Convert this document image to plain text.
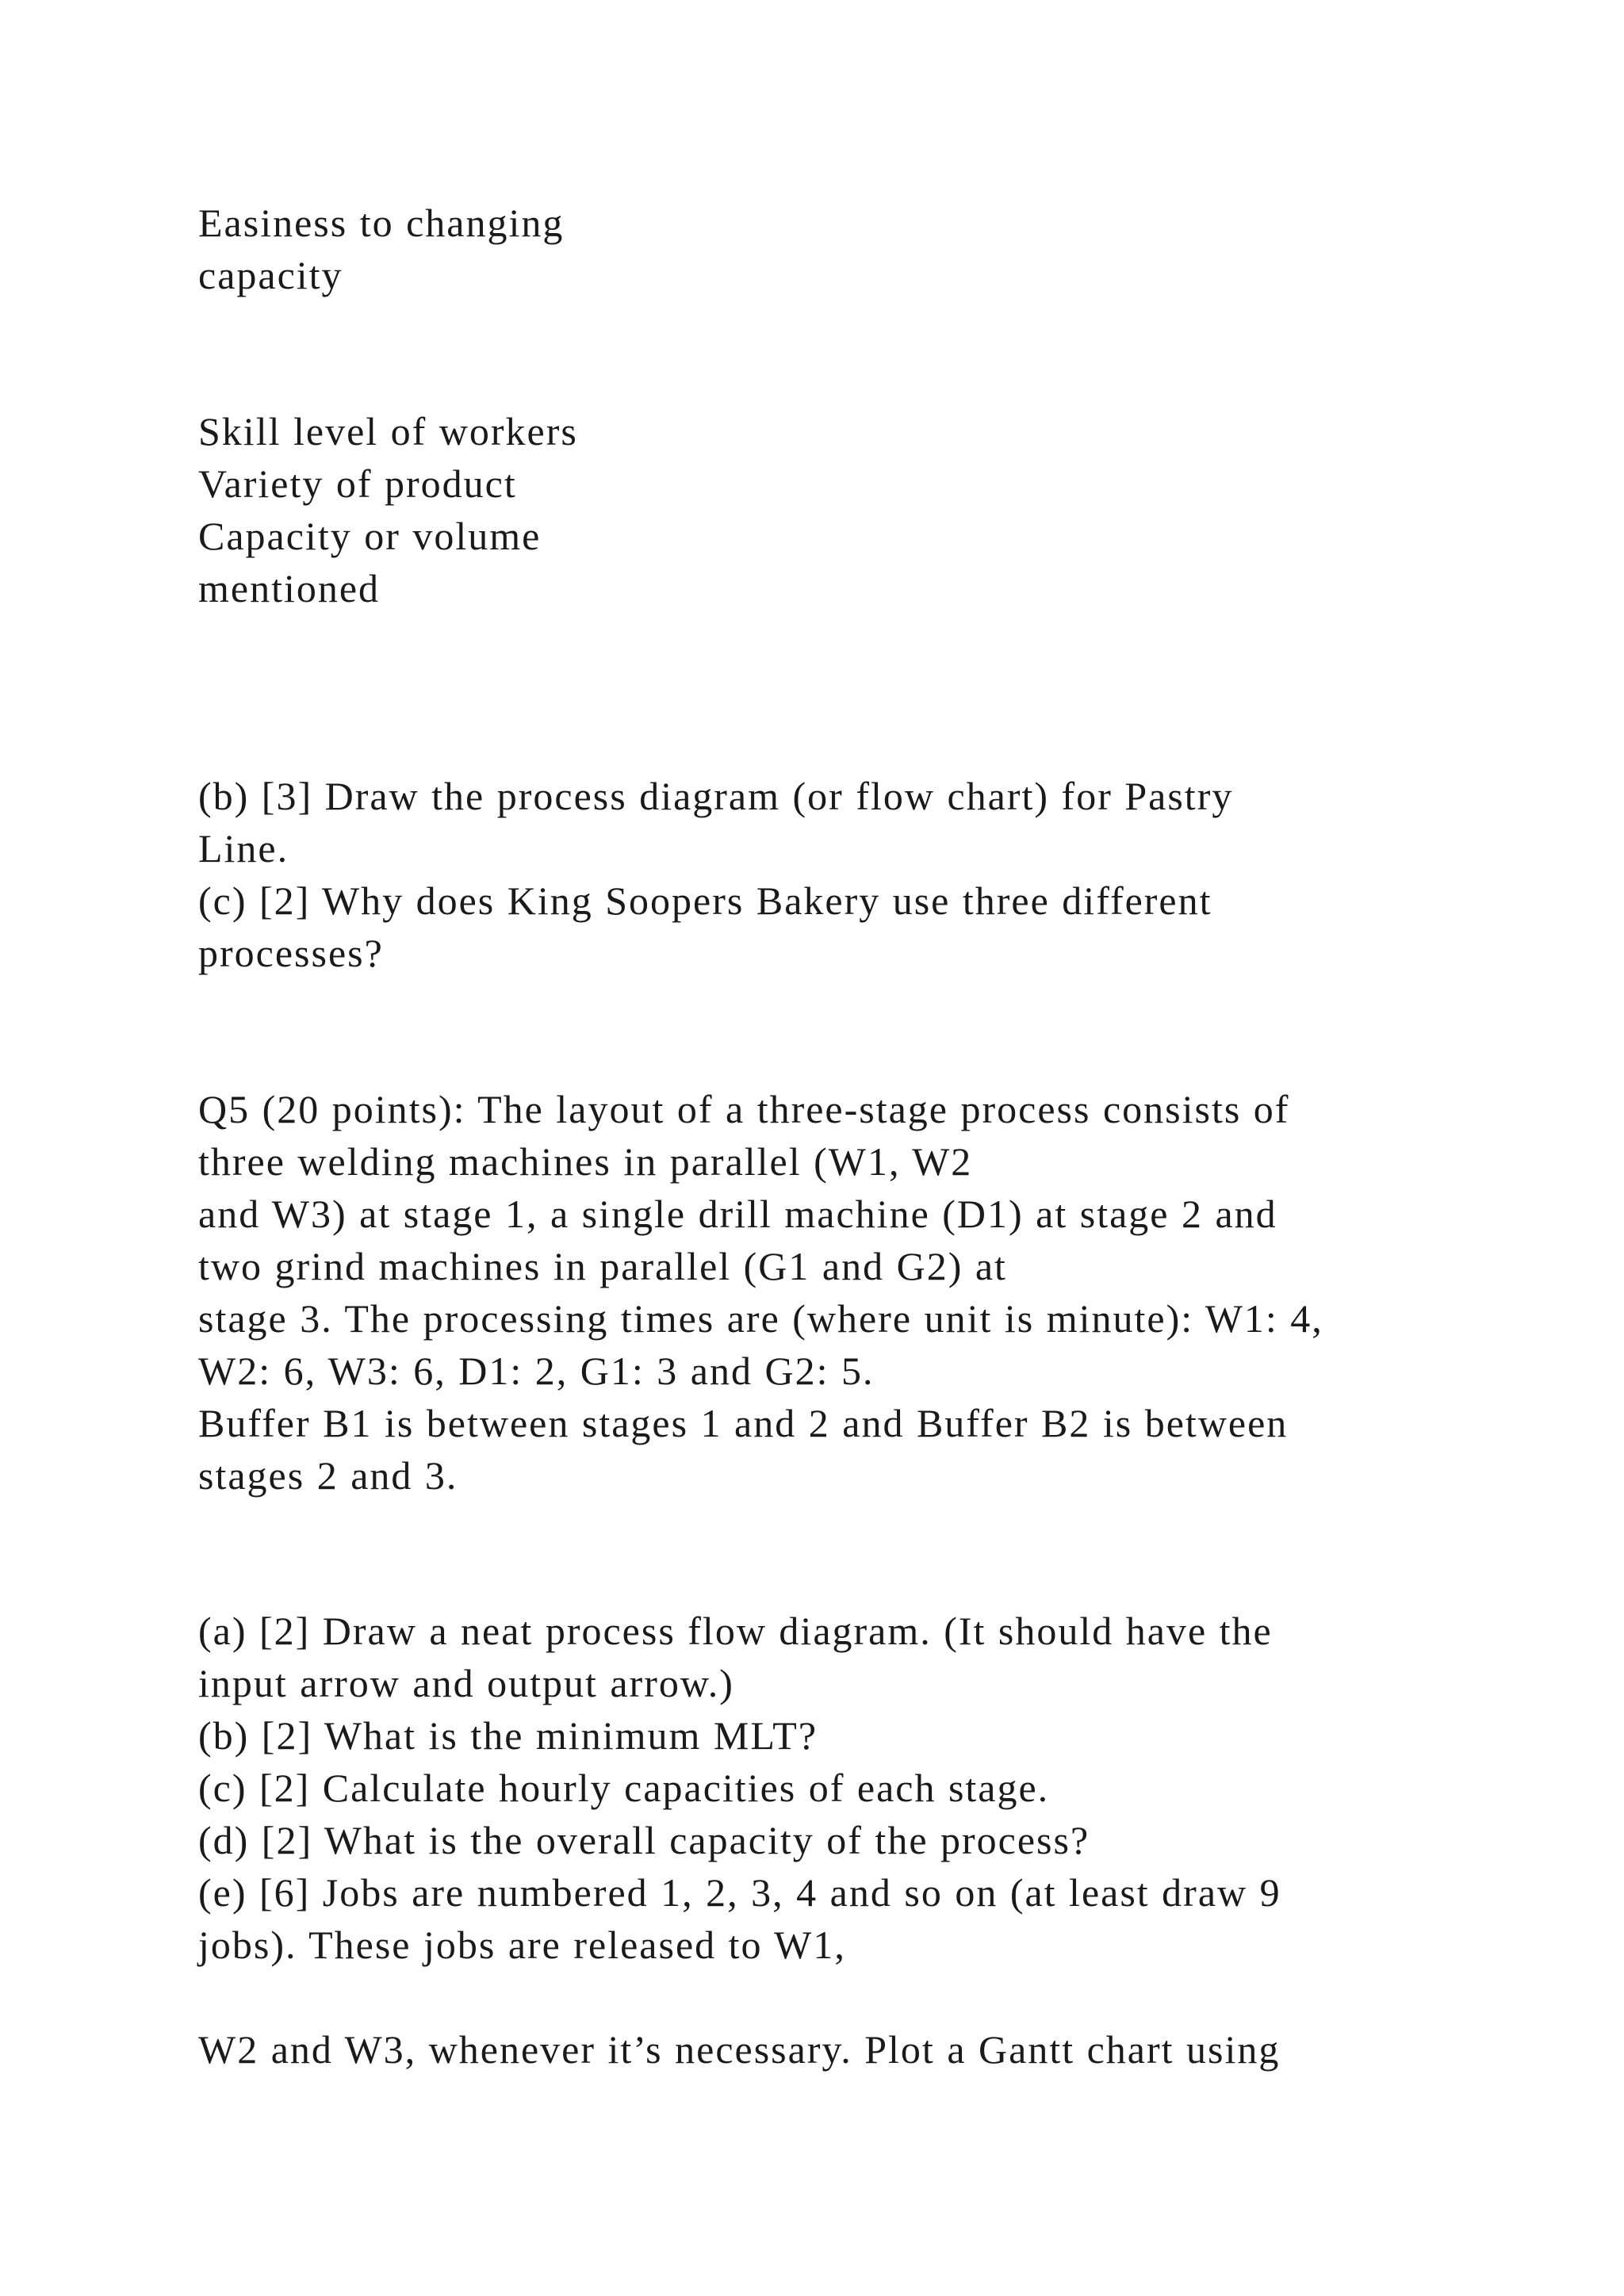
Easiness to changing
capacity
Skill level of workers
Variety of product
Capacity or volume
mentioned
(b) [3] Draw the process diagram (or flow chart) for Pastry
Line.
(c) [2] Why does King Soopers Bakery use three different
processes?
Q5 (20 points): The layout of a three-stage process consists of
three welding machines in parallel (W1, W2
and W3) at stage 1, a single drill machine (D1) at stage 2 and
two grind machines in parallel (G1 and G2) at
stage 3. The processing times are (where unit is minute): W1: 4,
W2: 6, W3: 6, D1: 2, G1: 3 and G2: 5.
Buffer B1 is between stages 1 and 2 and Buffer B2 is between
stages 2 and 3.
(a) [2] Draw a neat process flow diagram. (It should have the
input arrow and output arrow.)
(b) [2] What is the minimum MLT?
(c) [2] Calculate hourly capacities of each stage.
(d) [2] What is the overall capacity of the process?
(e) [6] Jobs are numbered 1, 2, 3, 4 and so on (at least draw 9
jobs). These jobs are released to W1,
W2 and W3, whenever it’s necessary. Plot a Gantt chart using
